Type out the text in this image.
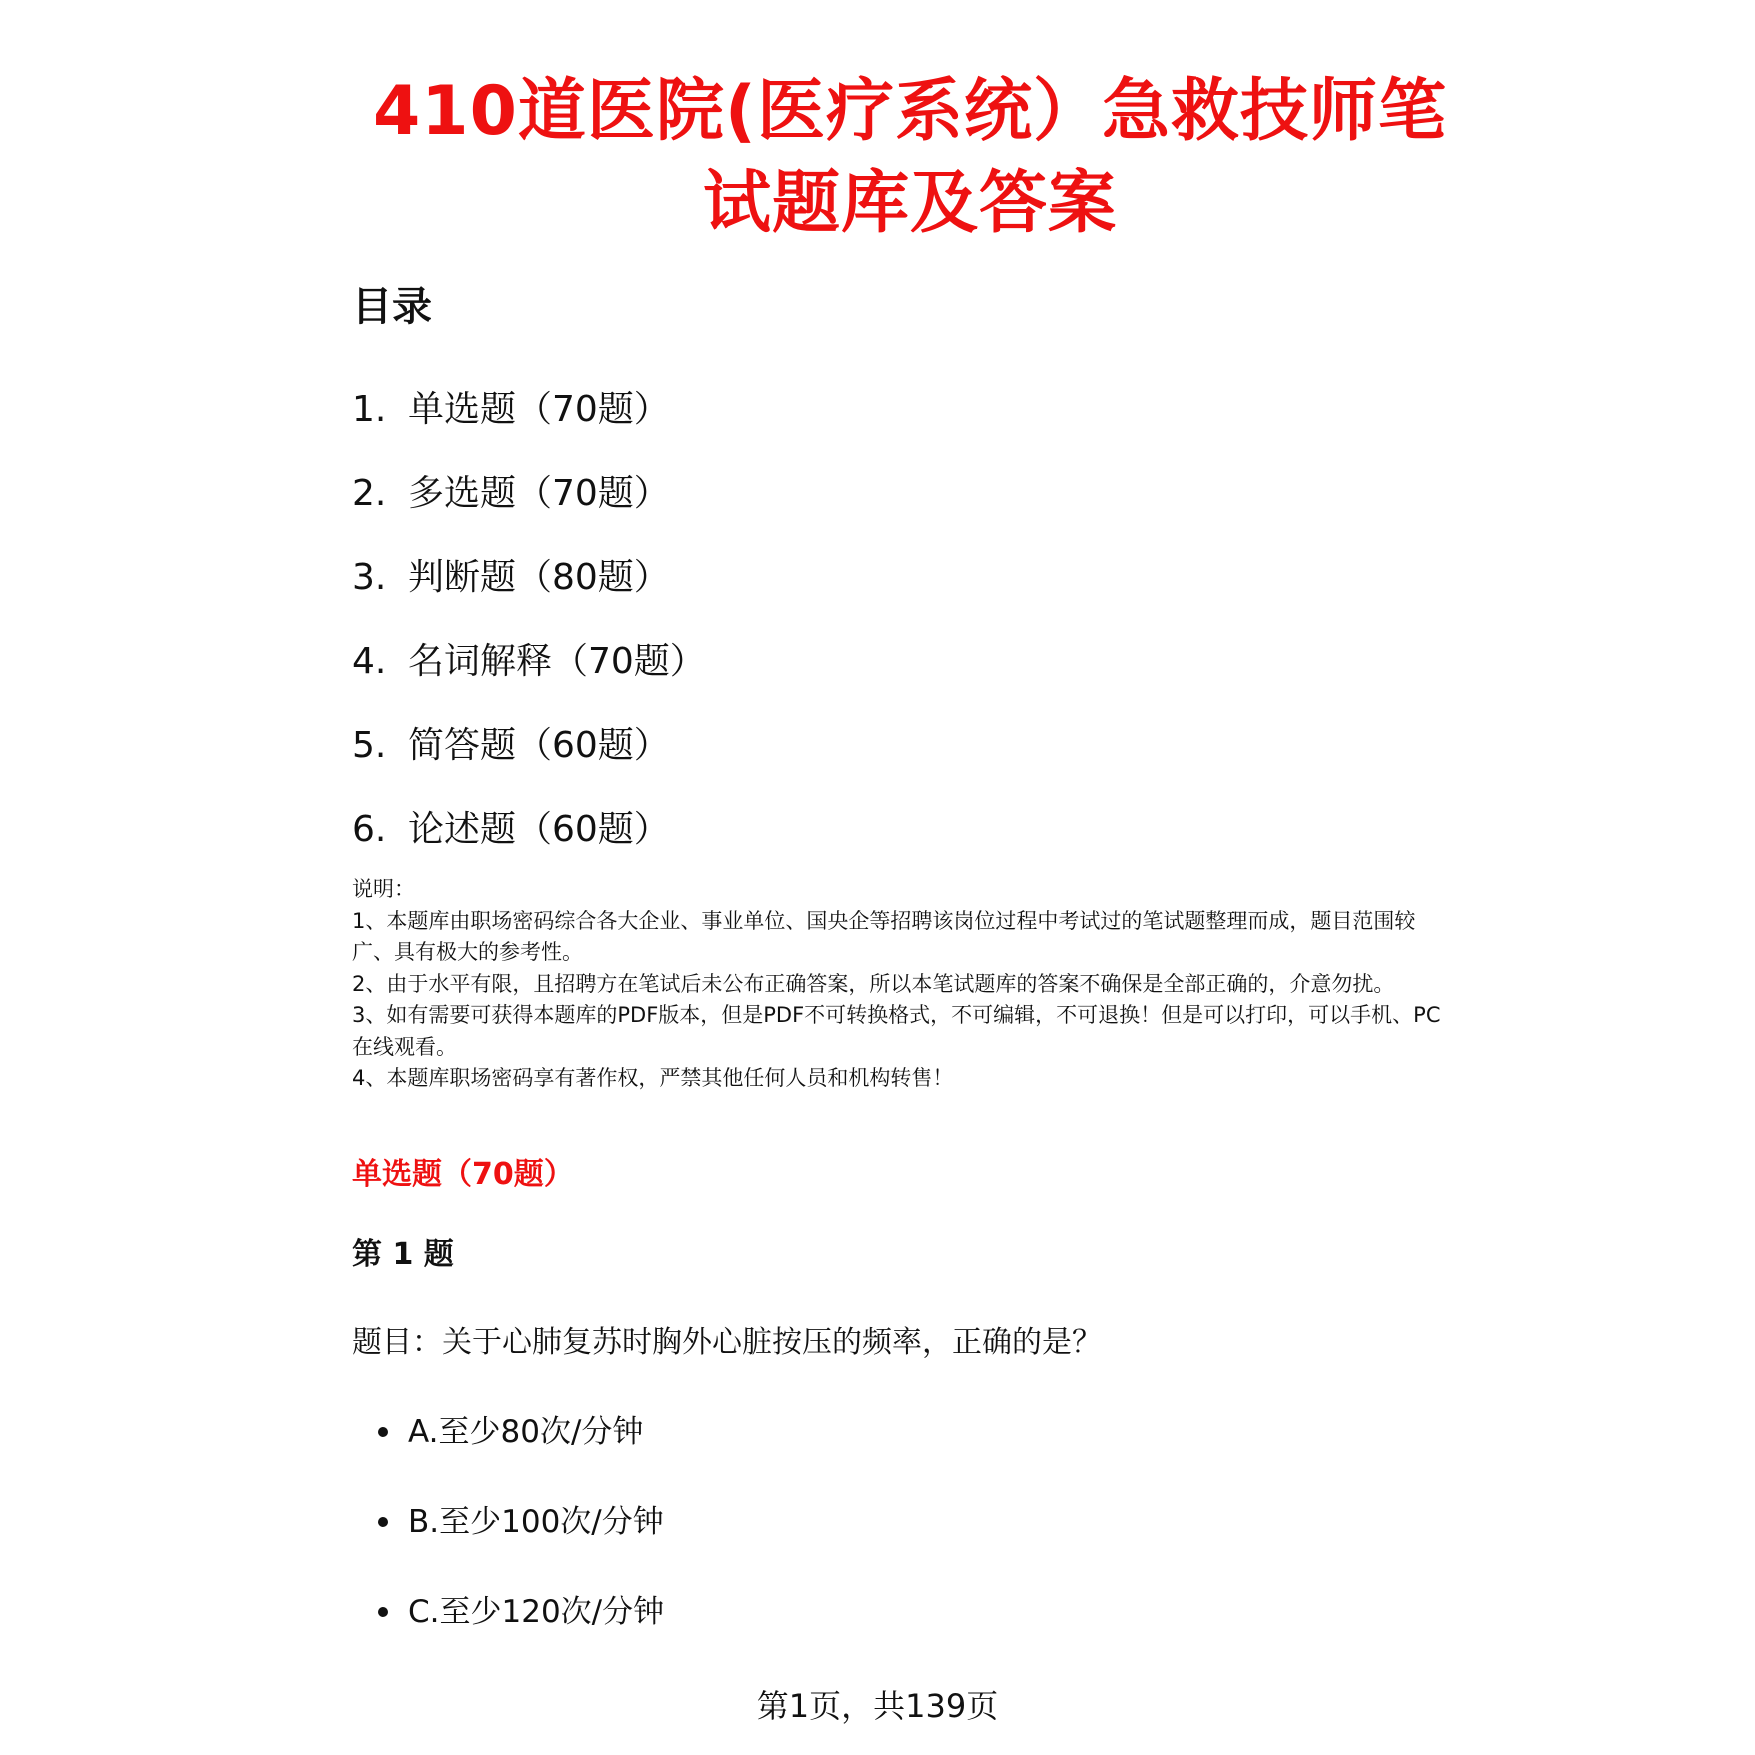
410道医院(医疗系统）急救技师笔试题库及答案
目录
1. 单选题（70题）
2. 多选题（70题）
3. 判断题（80题）
4. 名词解释（70题）
5. 简答题（60题）
6. 论述题（60题）

说明：

1、本题库由职场密码综合各大企业、事业单位、国央企等招聘该岗位过程中考试过的笔试题整理而成，题目范围较广、具有极大的参考性。

2、由于水平有限，且招聘方在笔试后未公布正确答案，所以本笔试题库的答案不确保是全部正确的，介意勿扰。

3、如有需要可获得本题库的PDF版本，但是PDF不可转换格式，不可编辑，不可退换！但是可以打印，可以手机、PC在线观看。

4、本题库职场密码享有著作权，严禁其他任何人员和机构转售！

单选题（70题）
第 1 题
题目：关于心肺复苏时胸外心脏按压的频率，正确的是？
A.至少80次/分钟
B.至少100次/分钟
C.至少120次/分钟
第1页，共139页
